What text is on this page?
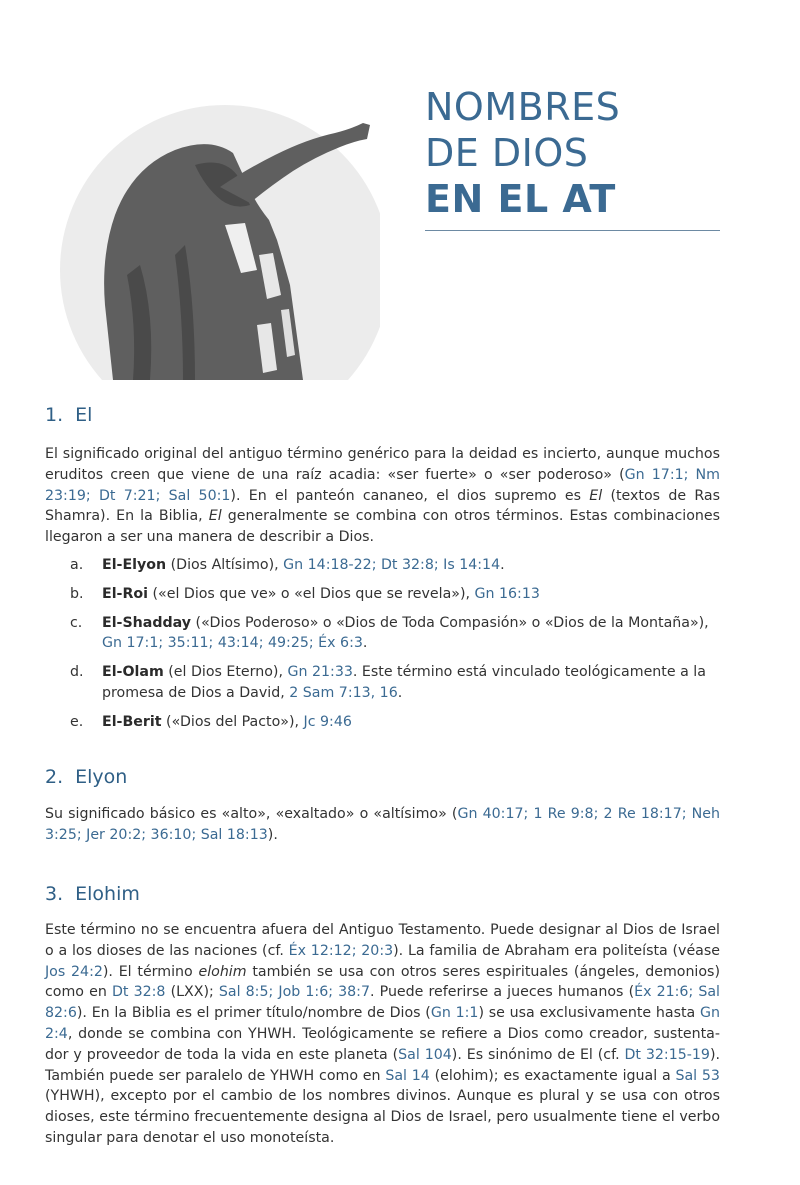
NOMBRES
DE DIOS
EN EL AT
1. El

El significado original del antiguo término genérico para la deidad es incierto, aunque muchos eruditos creen que viene de una raíz acadia: «ser fuerte» o «ser poderoso» (Gn 17:1; Nm 23:19; Dt 7:21; Sal 50:1). En el panteón cananeo, el dios supremo es El (textos de Ras Shamra). En la Biblia, El generalmente se combina con otros términos. Estas combinaciones llegaron a ser una manera de describir a Dios.

a. El-Elyon (Dios Altísimo), Gn 14:18-22; Dt 32:8; Is 14:14.
b. El-Roi («el Dios que ve» o «el Dios que se revela»), Gn 16:13
c. El-Shadday («Dios Poderoso» o «Dios de Toda Compasión» o «Dios de la Montaña»), Gn 17:1; 35:11; 43:14; 49:25; Éx 6:3.
d. El-Olam (el Dios Eterno), Gn 21:33. Este término está vinculado teológicamente a la promesa de Dios a David, 2 Sam 7:13, 16.
e. El-Berit («Dios del Pacto»), Jc 9:46
2. Elyon

Su significado básico es «alto», «exaltado» o «altísimo» (Gn 40:17; 1 Re 9:8; 2 Re 18:17; Neh 3:25; Jer 20:2; 36:10; Sal 18:13).

3. Elohim

Este término no se encuentra afuera del Antiguo Testamento. Puede designar al Dios de Israel o a los dioses de las naciones (cf. Éx 12:12; 20:3). La familia de Abraham era politeísta (véase Jos 24:2). El término elohim también se usa con otros seres espirituales (ángeles, demonios) como en Dt 32:8 (LXX); Sal 8:5; Job 1:6; 38:7. Puede referirse a jueces humanos (Éx 21:6; Sal 82:6). En la Biblia es el primer título/nombre de Dios (Gn 1:1) se usa exclusivamente hasta Gn 2:4, donde se combina con YHWH. Teológicamente se refiere a Dios como creador, sustentador y proveedor de toda la vida en este planeta (Sal 104). Es sinónimo de El (cf. Dt 32:15-19). También puede ser paralelo de YHWH como en Sal 14 (elohim); es exactamente igual a Sal 53 (YHWH), excepto por el cambio de los nombres divinos. Aunque es plural y se usa con otros dioses, este término frecuentemente designa al Dios de Israel, pero usualmente tiene el verbo singular para denotar el uso monoteísta.
